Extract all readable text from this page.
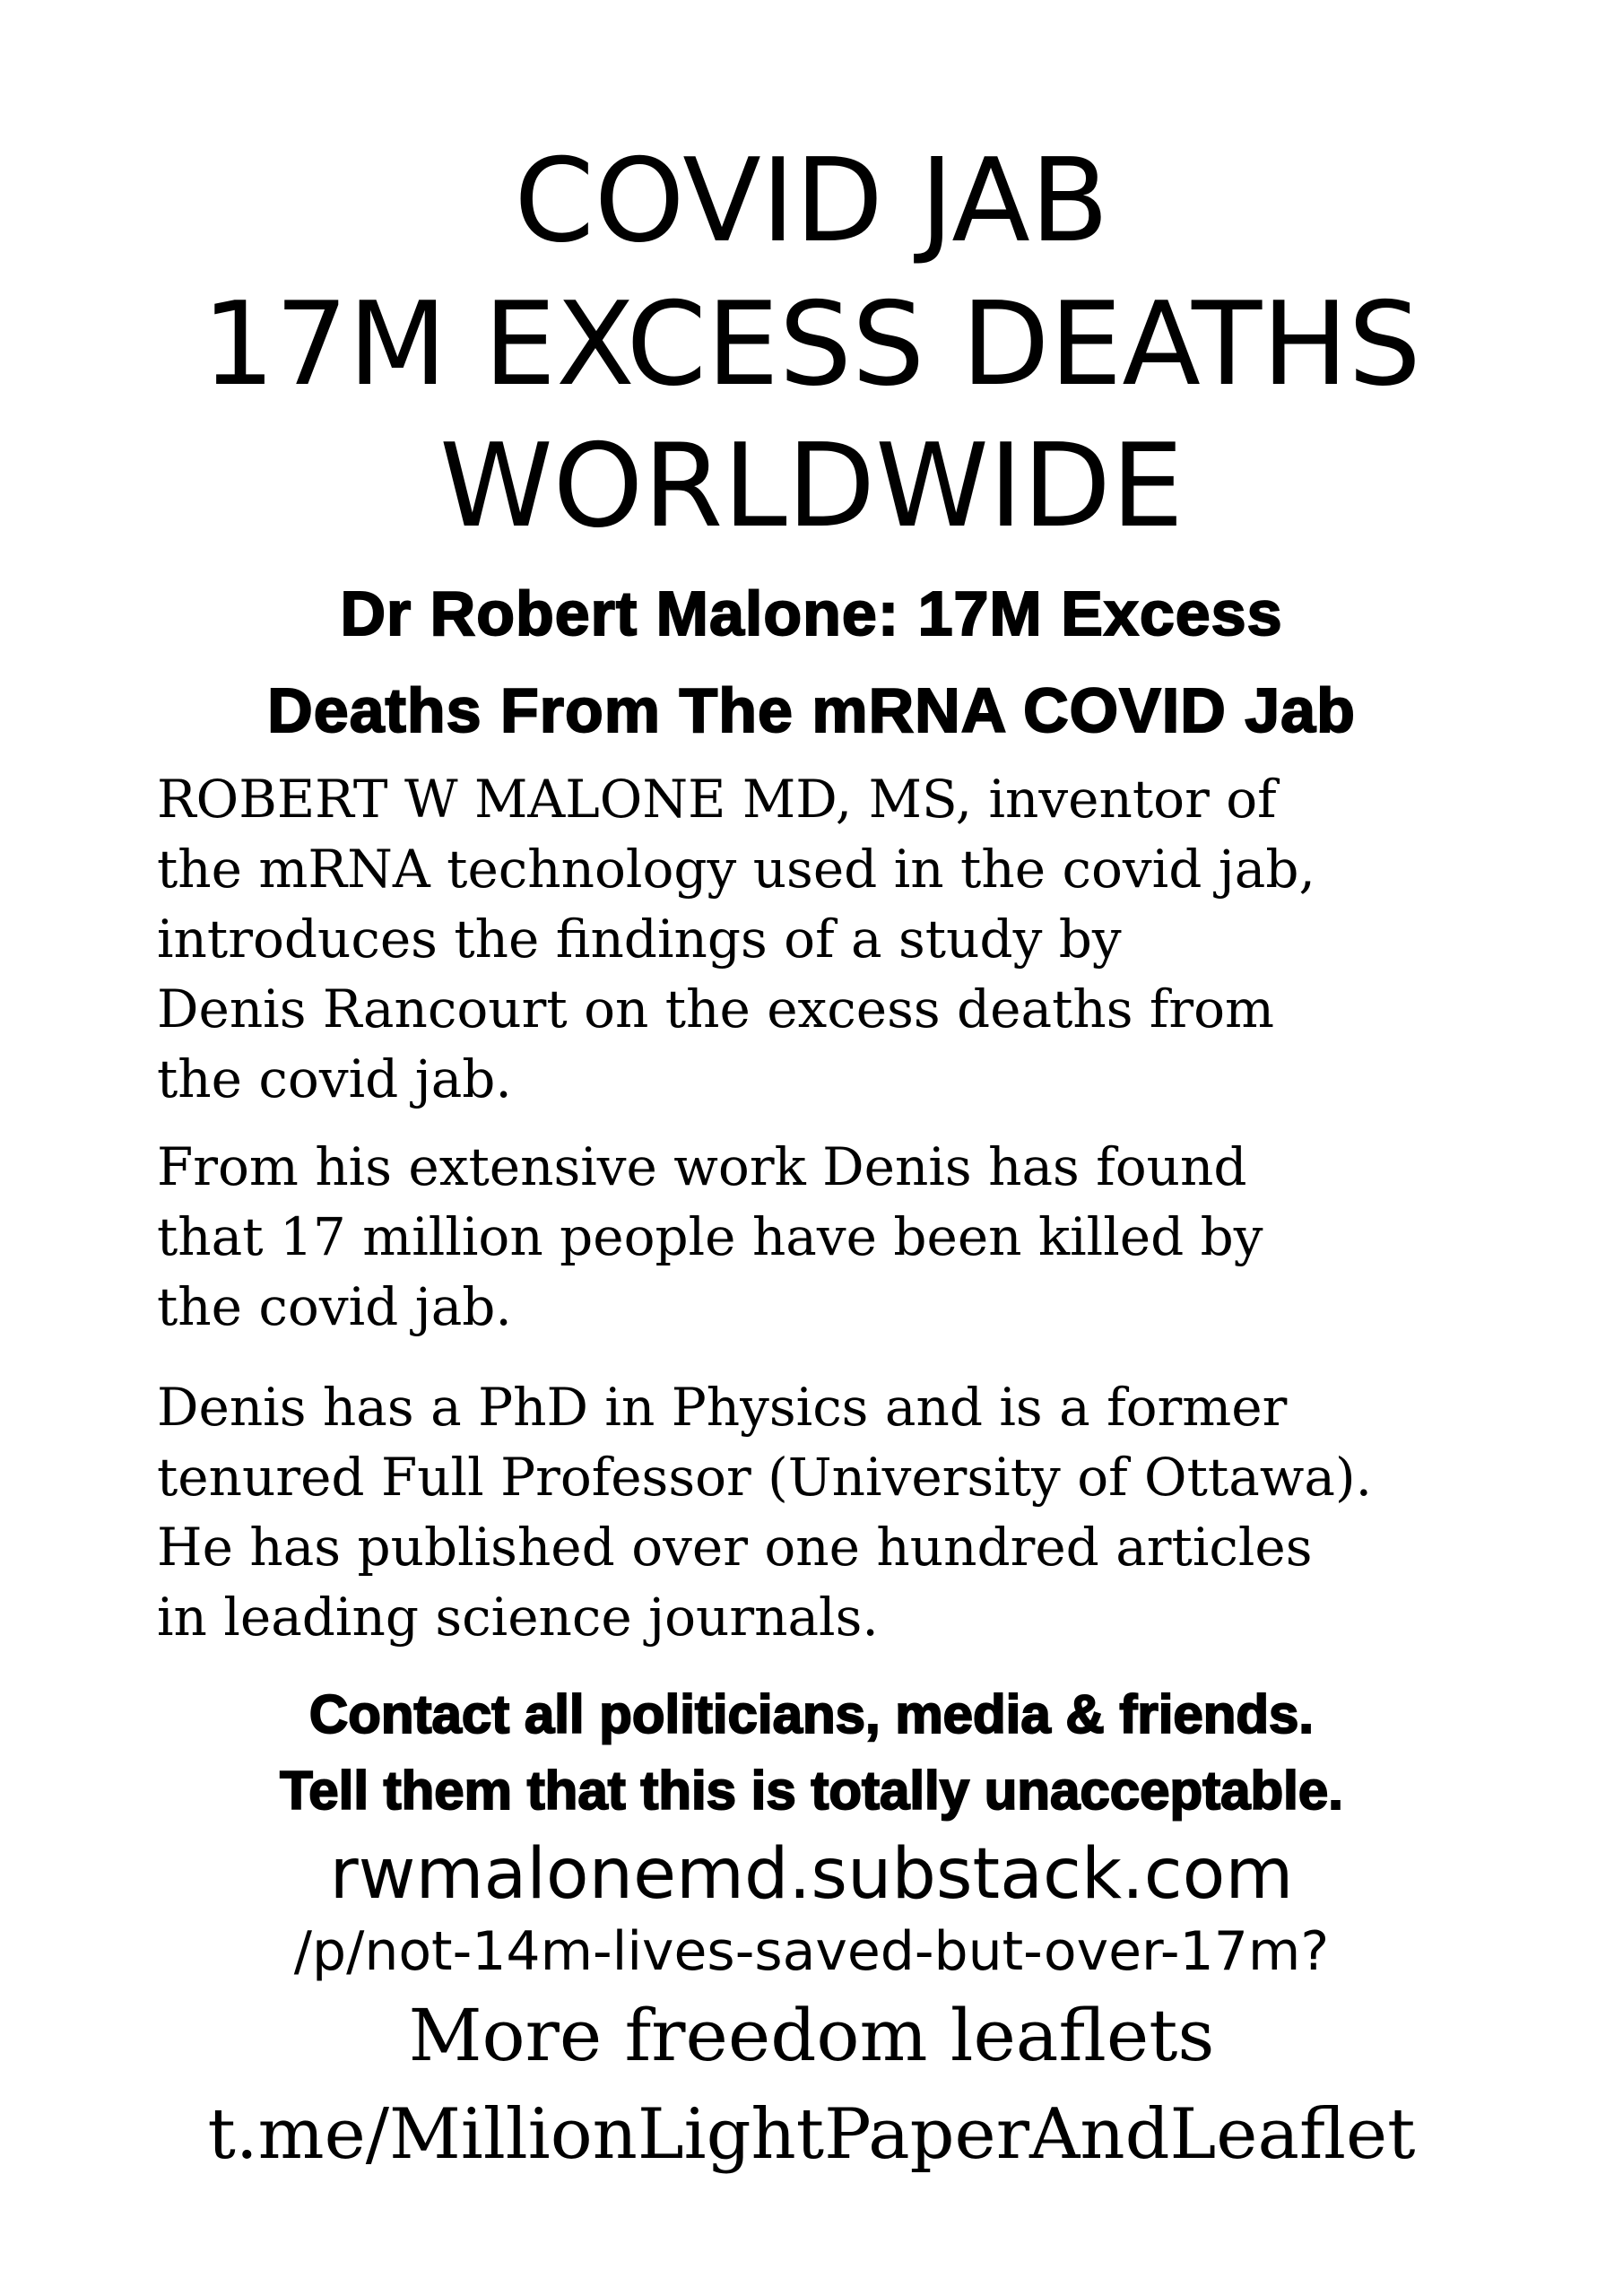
COVID JAB
17M EXCESS DEATHS
WORLDWIDE
Dr Robert Malone: 17M Excess
Deaths From The mRNA COVID Jab
ROBERT W MALONE MD, MS, inventor of
the mRNA technology used in the covid jab,
introduces the findings of a study by
Denis Rancourt on the excess deaths from
the covid jab.
From his extensive work Denis has found
that 17 million people have been killed by
the covid jab.
Denis has a PhD in Physics and is a former
tenured Full Professor (University of Ottawa).
He has published over one hundred articles
in leading science journals.

Contact all politicians, media & friends.

Tell them that this is totally unacceptable.

rwmalonemd.substack.com
/p/not-14m-lives-saved-but-over-17m?

More freedom leaflets

t.me/MillionLightPaperAndLeaflet
